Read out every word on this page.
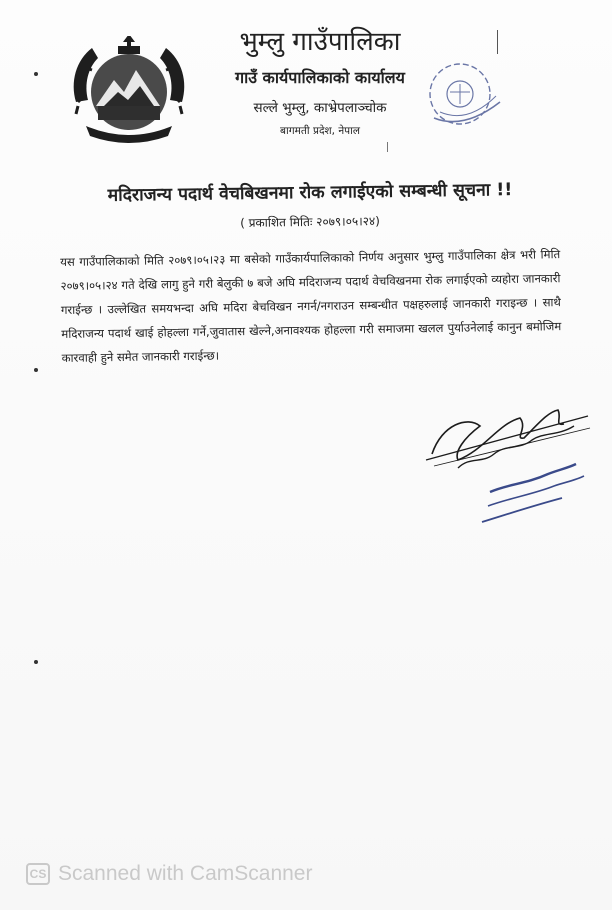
भुम्लु गाउँपालिका
गाउँ कार्यपालिकाको कार्यालय
सल्ले भुम्लु, काभ्रेपलाञ्चोक
बागमती प्रदेश, नेपाल
मदिराजन्य पदार्थ वेचबिखनमा रोक लगाईएको सम्बन्धी सूचना !!
( प्रकाशित मितिः २०७९।०५।२४)
यस गाउँपालिकाको मिति २०७९।०५।२३ मा बसेको गाउँकार्यपालिकाको निर्णय अनुसार भुम्लु गाउँपालिका क्षेत्र भरी मिति २०७९।०५।२४ गते देखि लागु हुने गरी बेलुकी ७ बजे अघि मदिराजन्य पदार्थ वेचविखनमा रोक लगाईएको व्यहोरा जानकारी गराईन्छ । उल्लेखित समयभन्दा अघि मदिरा बेचविखन नगर्न/नगराउन सम्बन्धीत पक्षहरुलाई जानकारी गराइन्छ । साथै मदिराजन्य पदार्थ खाई होहल्ला गर्ने,जुवातास खेल्ने,अनावश्यक होहल्ला गरी समाजमा खलल पुर्याउनेलाई कानुन बमोजिम कारवाही हुने समेत जानकारी गराईन्छ।
CS Scanned with CamScanner
